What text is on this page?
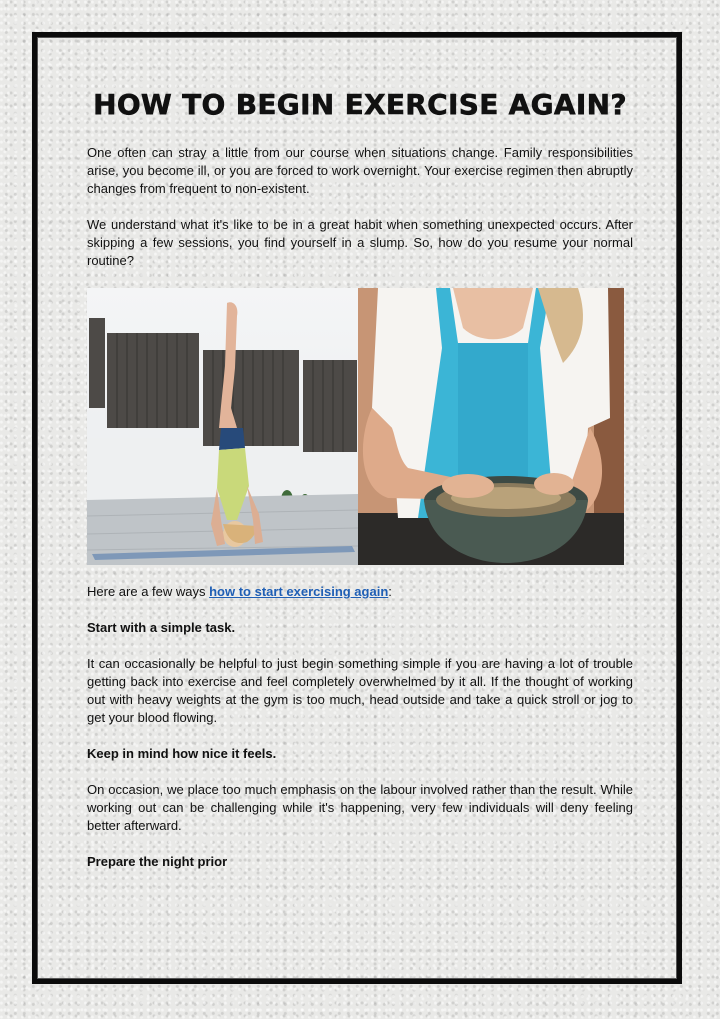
HOW TO BEGIN EXERCISE AGAIN?

One often can stray a little from our course when situations change. Family responsibilities arise, you become ill, or you are forced to work overnight. Your exercise regimen then abruptly changes from frequent to non-existent.

We understand what it's like to be in a great habit when something unexpected occurs. After skipping a few sessions, you find yourself in a slump. So, how do you resume your normal routine?

Here are a few ways how to start exercising again:

Start with a simple task.

It can occasionally be helpful to just begin something simple if you are having a lot of trouble getting back into exercise and feel completely overwhelmed by it all. If the thought of working out with heavy weights at the gym is too much, head outside and take a quick stroll or jog to get your blood flowing.

Keep in mind how nice it feels.

On occasion, we place too much emphasis on the labour involved rather than the result. While working out can be challenging while it's happening, very few individuals will deny feeling better afterward.

Prepare the night prior
